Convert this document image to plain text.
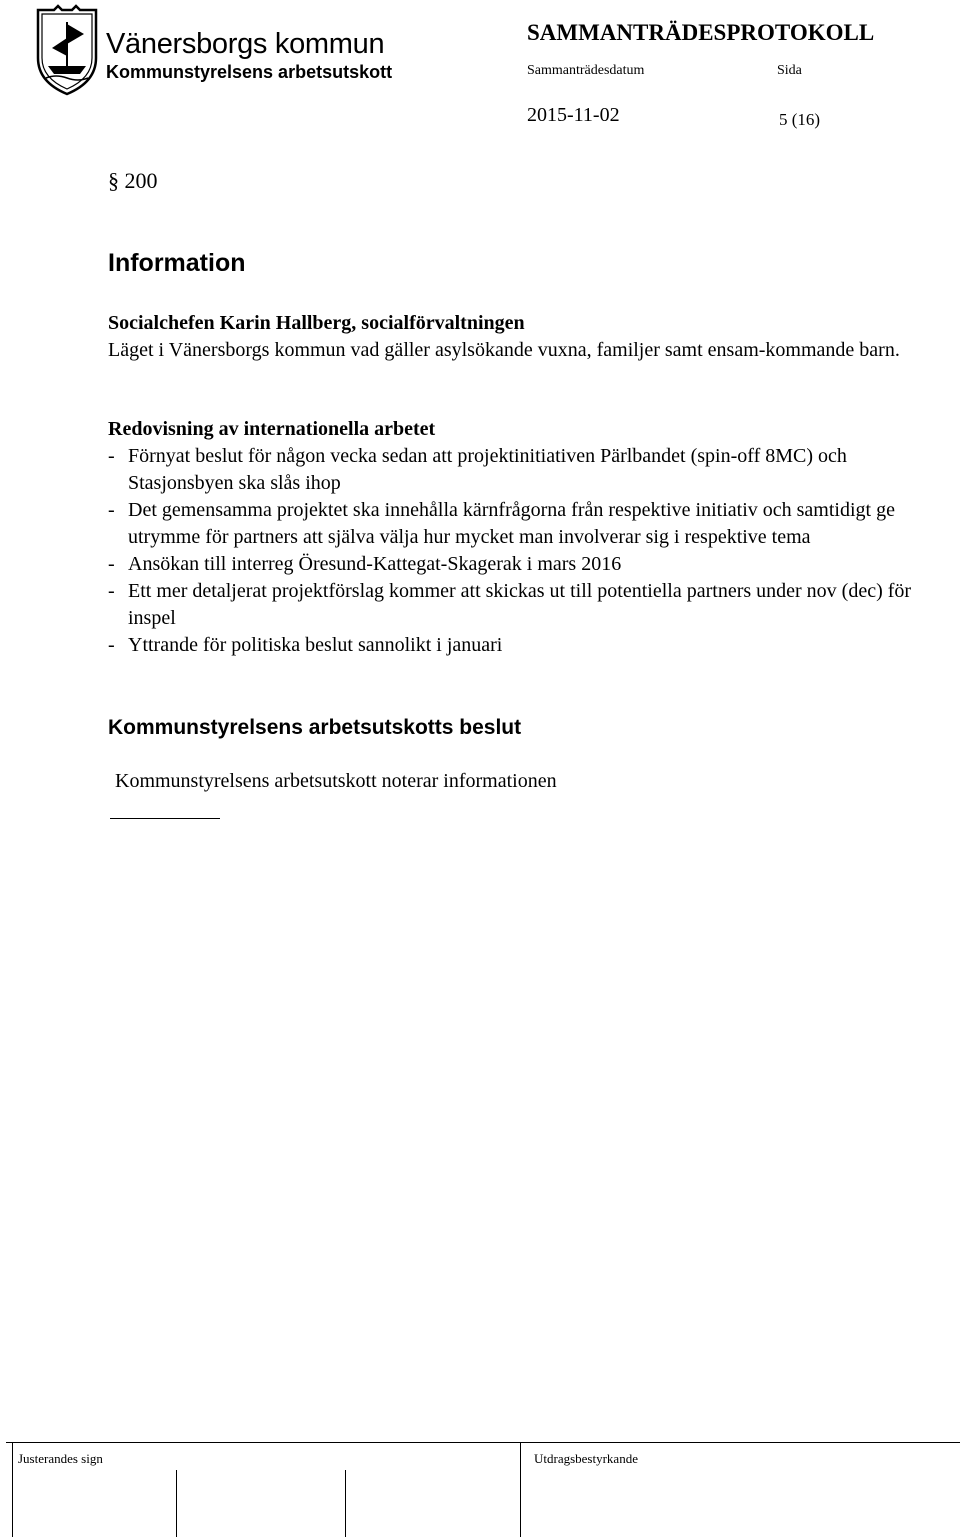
Vänersborgs kommun
Kommunstyrelsens arbetsutskott
SAMMANTRÄDESPROTOKOLL
Sammanträdesdatum	Sida
2015-11-02	5 (16)
§ 200
Information
Socialchefen Karin Hallberg, socialförvaltningen
Läget i Vänersborgs kommun vad gäller asylsökande vuxna, familjer samt ensam-kommande barn.
Redovisning av internationella arbetet
- Förnyat beslut för någon vecka sedan att projektinitiativen Pärlbandet (spin-off 8MC) och Stasjonsbyen ska slås ihop
- Det gemensamma projektet ska innehålla kärnfrågorna från respektive initiativ och samtidigt ge utrymme för partners att själva välja hur mycket man involverar sig i respektive tema
- Ansökan till interreg Öresund-Kattegat-Skagerak i mars 2016
- Ett mer detaljerat projektförslag kommer att skickas ut till potentiella partners under nov (dec) för inspel
- Yttrande för politiska beslut sannolikt i januari
Kommunstyrelsens arbetsutskotts beslut
Kommunstyrelsens arbetsutskott noterar informationen
Justerandes sign	Utdragsbestyrkande
